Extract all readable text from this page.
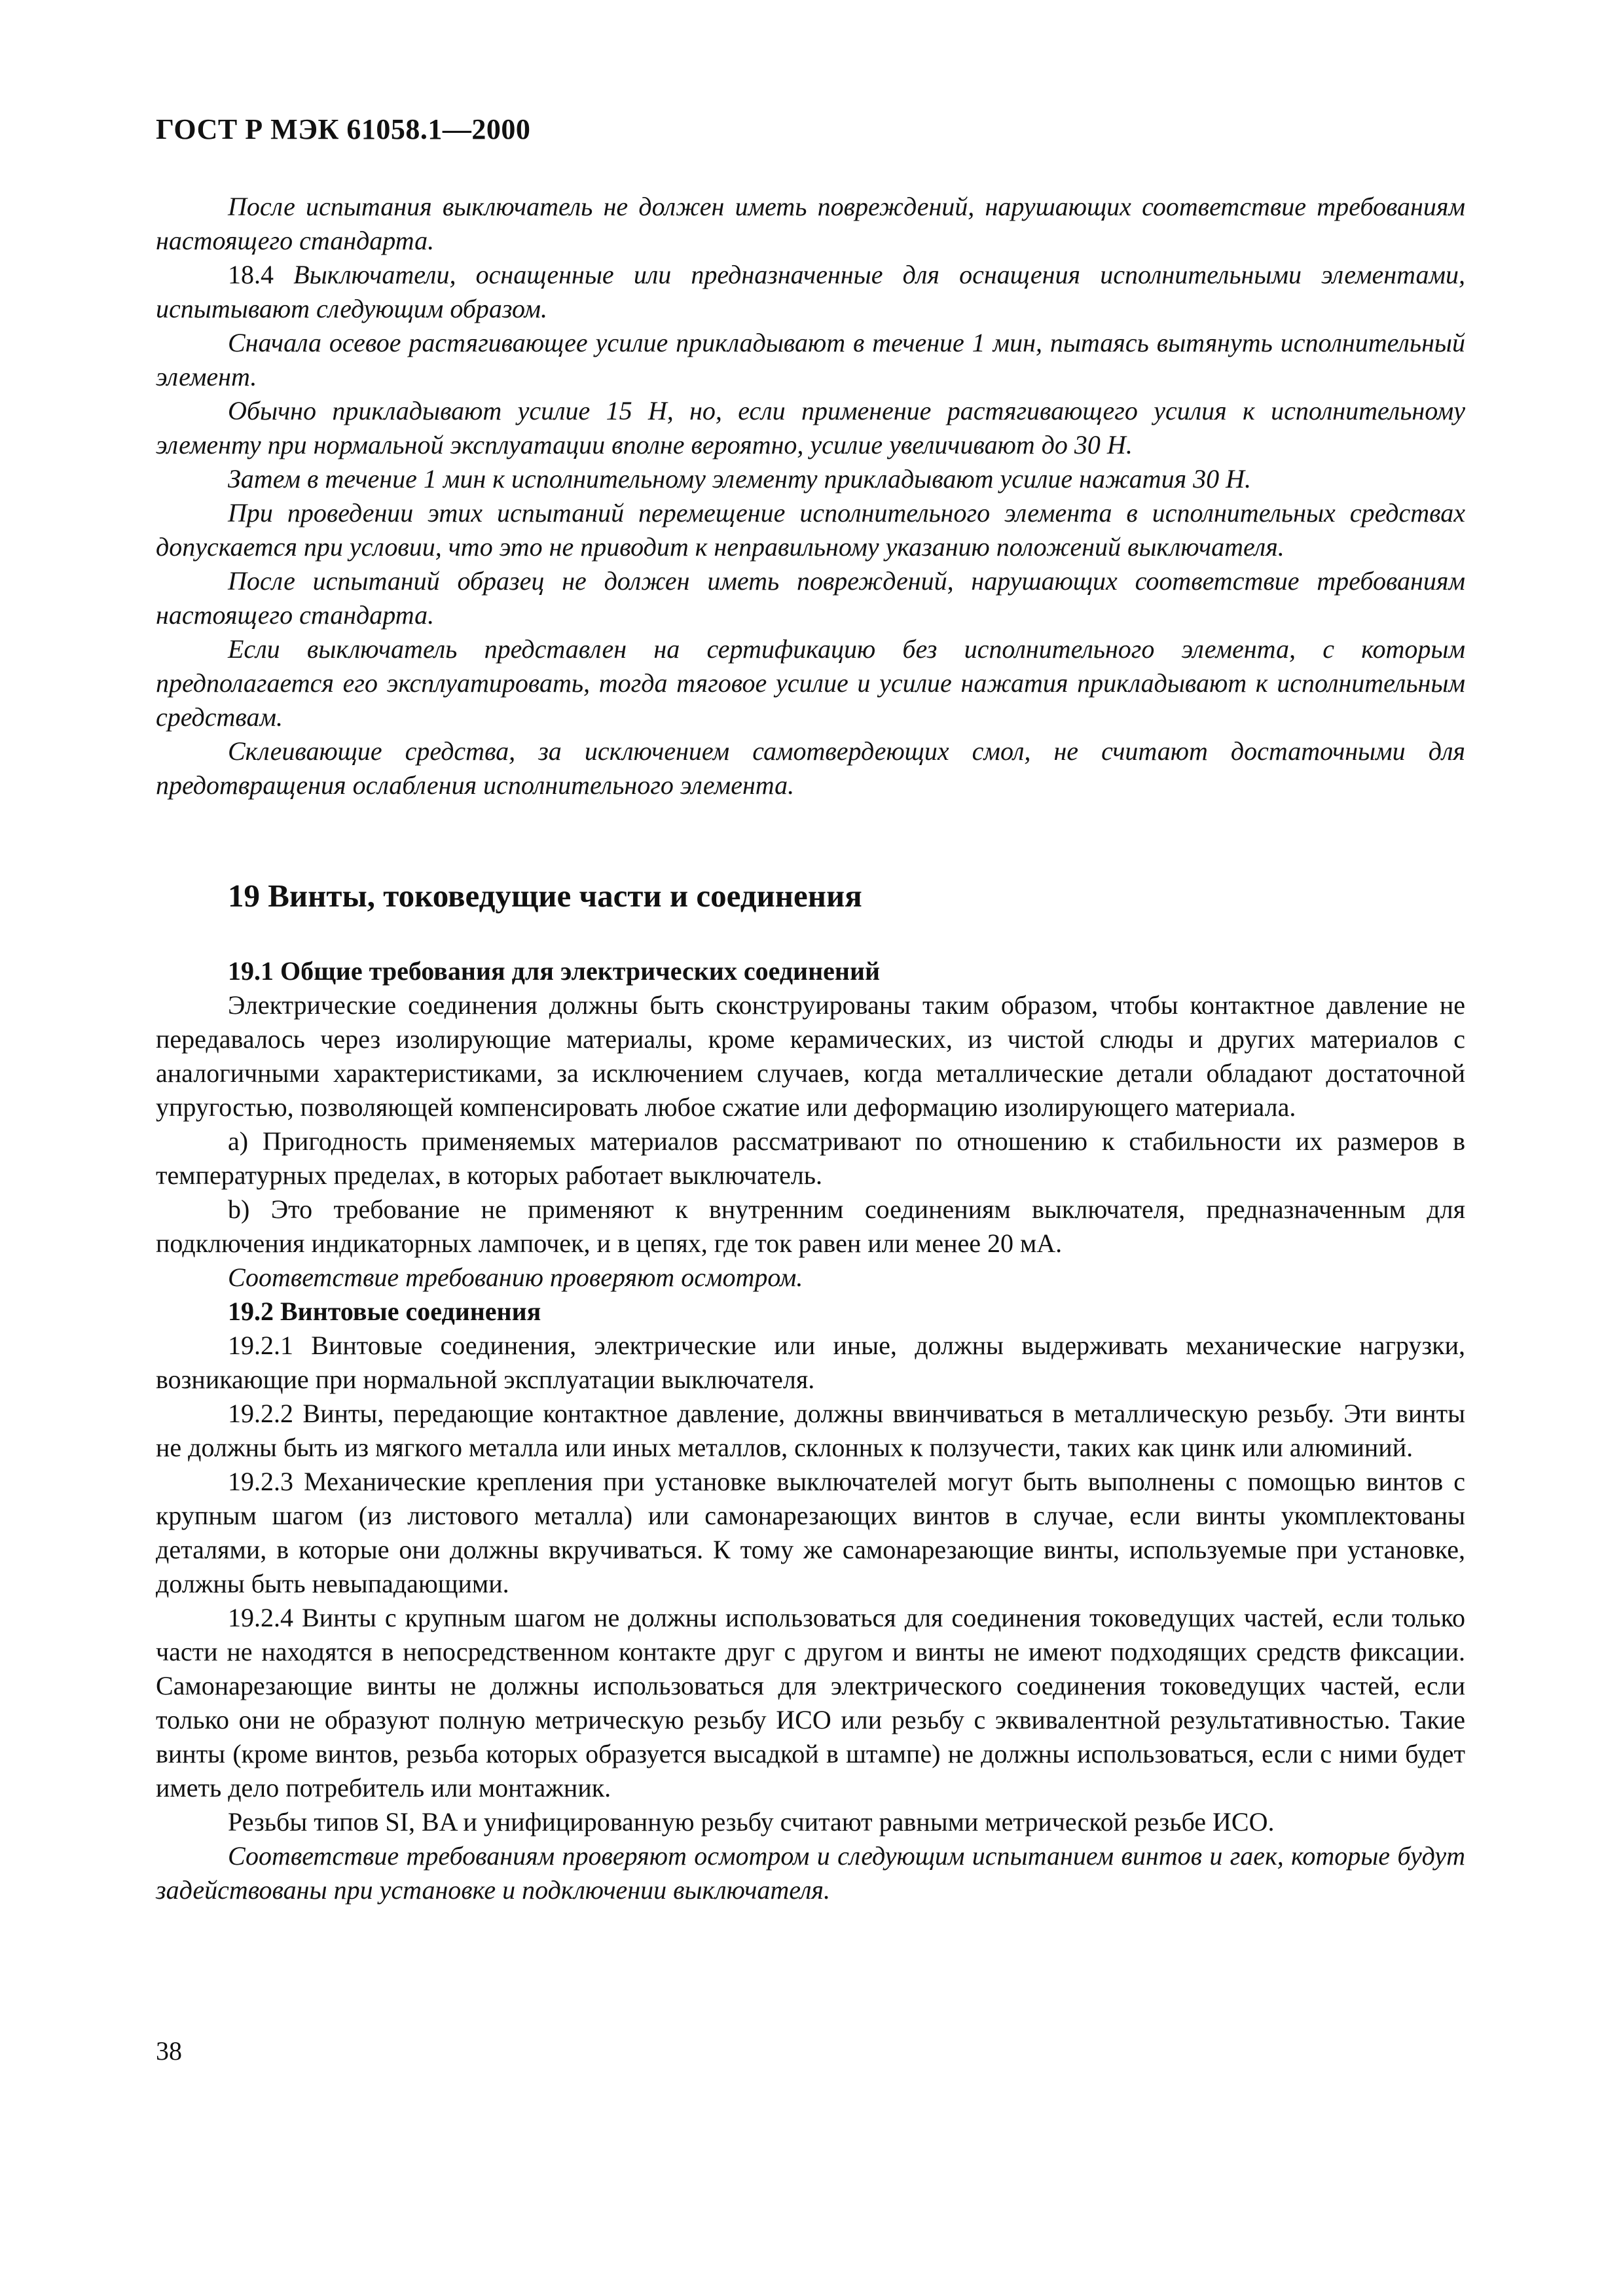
ГОСТ Р МЭК 61058.1—2000

После испытания выключатель не должен иметь повреждений, нарушающих соответствие требованиям настоящего стандарта.

18.4 Выключатели, оснащенные или предназначенные для оснащения исполнительными элементами, испытывают следующим образом.

Сначала осевое растягивающее усилие прикладывают в течение 1 мин, пытаясь вытянуть исполнительный элемент.

Обычно прикладывают усилие 15 Н, но, если применение растягивающего усилия к исполнительному элементу при нормальной эксплуатации вполне вероятно, усилие увеличивают до 30 Н.

Затем в течение 1 мин к исполнительному элементу прикладывают усилие нажатия 30 Н.

При проведении этих испытаний перемещение исполнительного элемента в исполнительных средствах допускается при условии, что это не приводит к неправильному указанию положений выключателя.

После испытаний образец не должен иметь повреждений, нарушающих соответствие требованиям настоящего стандарта.

Если выключатель представлен на сертификацию без исполнительного элемента, с которым предполагается его эксплуатировать, тогда тяговое усилие и усилие нажатия прикладывают к исполнительным средствам.

Склеивающие средства, за исключением самотвердеющих смол, не считают достаточными для предотвращения ослабления исполнительного элемента.

19 Винты, токоведущие части и соединения

19.1 Общие требования для электрических соединений

Электрические соединения должны быть сконструированы таким образом, чтобы контактное давление не передавалось через изолирующие материалы, кроме керамических, из чистой слюды и других материалов с аналогичными характеристиками, за исключением случаев, когда металлические детали обладают достаточной упругостью, позволяющей компенсировать любое сжатие или деформацию изолирующего материала.

a) Пригодность применяемых материалов рассматривают по отношению к стабильности их размеров в температурных пределах, в которых работает выключатель.

b) Это требование не применяют к внутренним соединениям выключателя, предназначенным для подключения индикаторных лампочек, и в цепях, где ток равен или менее 20 мА.

Соответствие требованию проверяют осмотром.

19.2 Винтовые соединения

19.2.1 Винтовые соединения, электрические или иные, должны выдерживать механические нагрузки, возникающие при нормальной эксплуатации выключателя.

19.2.2 Винты, передающие контактное давление, должны ввинчиваться в металлическую резьбу. Эти винты не должны быть из мягкого металла или иных металлов, склонных к ползучести, таких как цинк или алюминий.

19.2.3 Механические крепления при установке выключателей могут быть выполнены с помощью винтов с крупным шагом (из листового металла) или самонарезающих винтов в случае, если винты укомплектованы деталями, в которые они должны вкручиваться. К тому же самонарезающие винты, используемые при установке, должны быть невыпадающими.

19.2.4 Винты с крупным шагом не должны использоваться для соединения токоведущих частей, если только части не находятся в непосредственном контакте друг с другом и винты не имеют подходящих средств фиксации. Самонарезающие винты не должны использоваться для электрического соединения токоведущих частей, если только они не образуют полную метрическую резьбу ИСО или резьбу с эквивалентной результативностью. Такие винты (кроме винтов, резьба которых образуется высадкой в штампе) не должны использоваться, если с ними будет иметь дело потребитель или монтажник.

Резьбы типов SI, BA и унифицированную резьбу считают равными метрической резьбе ИСО.

Соответствие требованиям проверяют осмотром и следующим испытанием винтов и гаек, которые будут задействованы при установке и подключении выключателя.

38
